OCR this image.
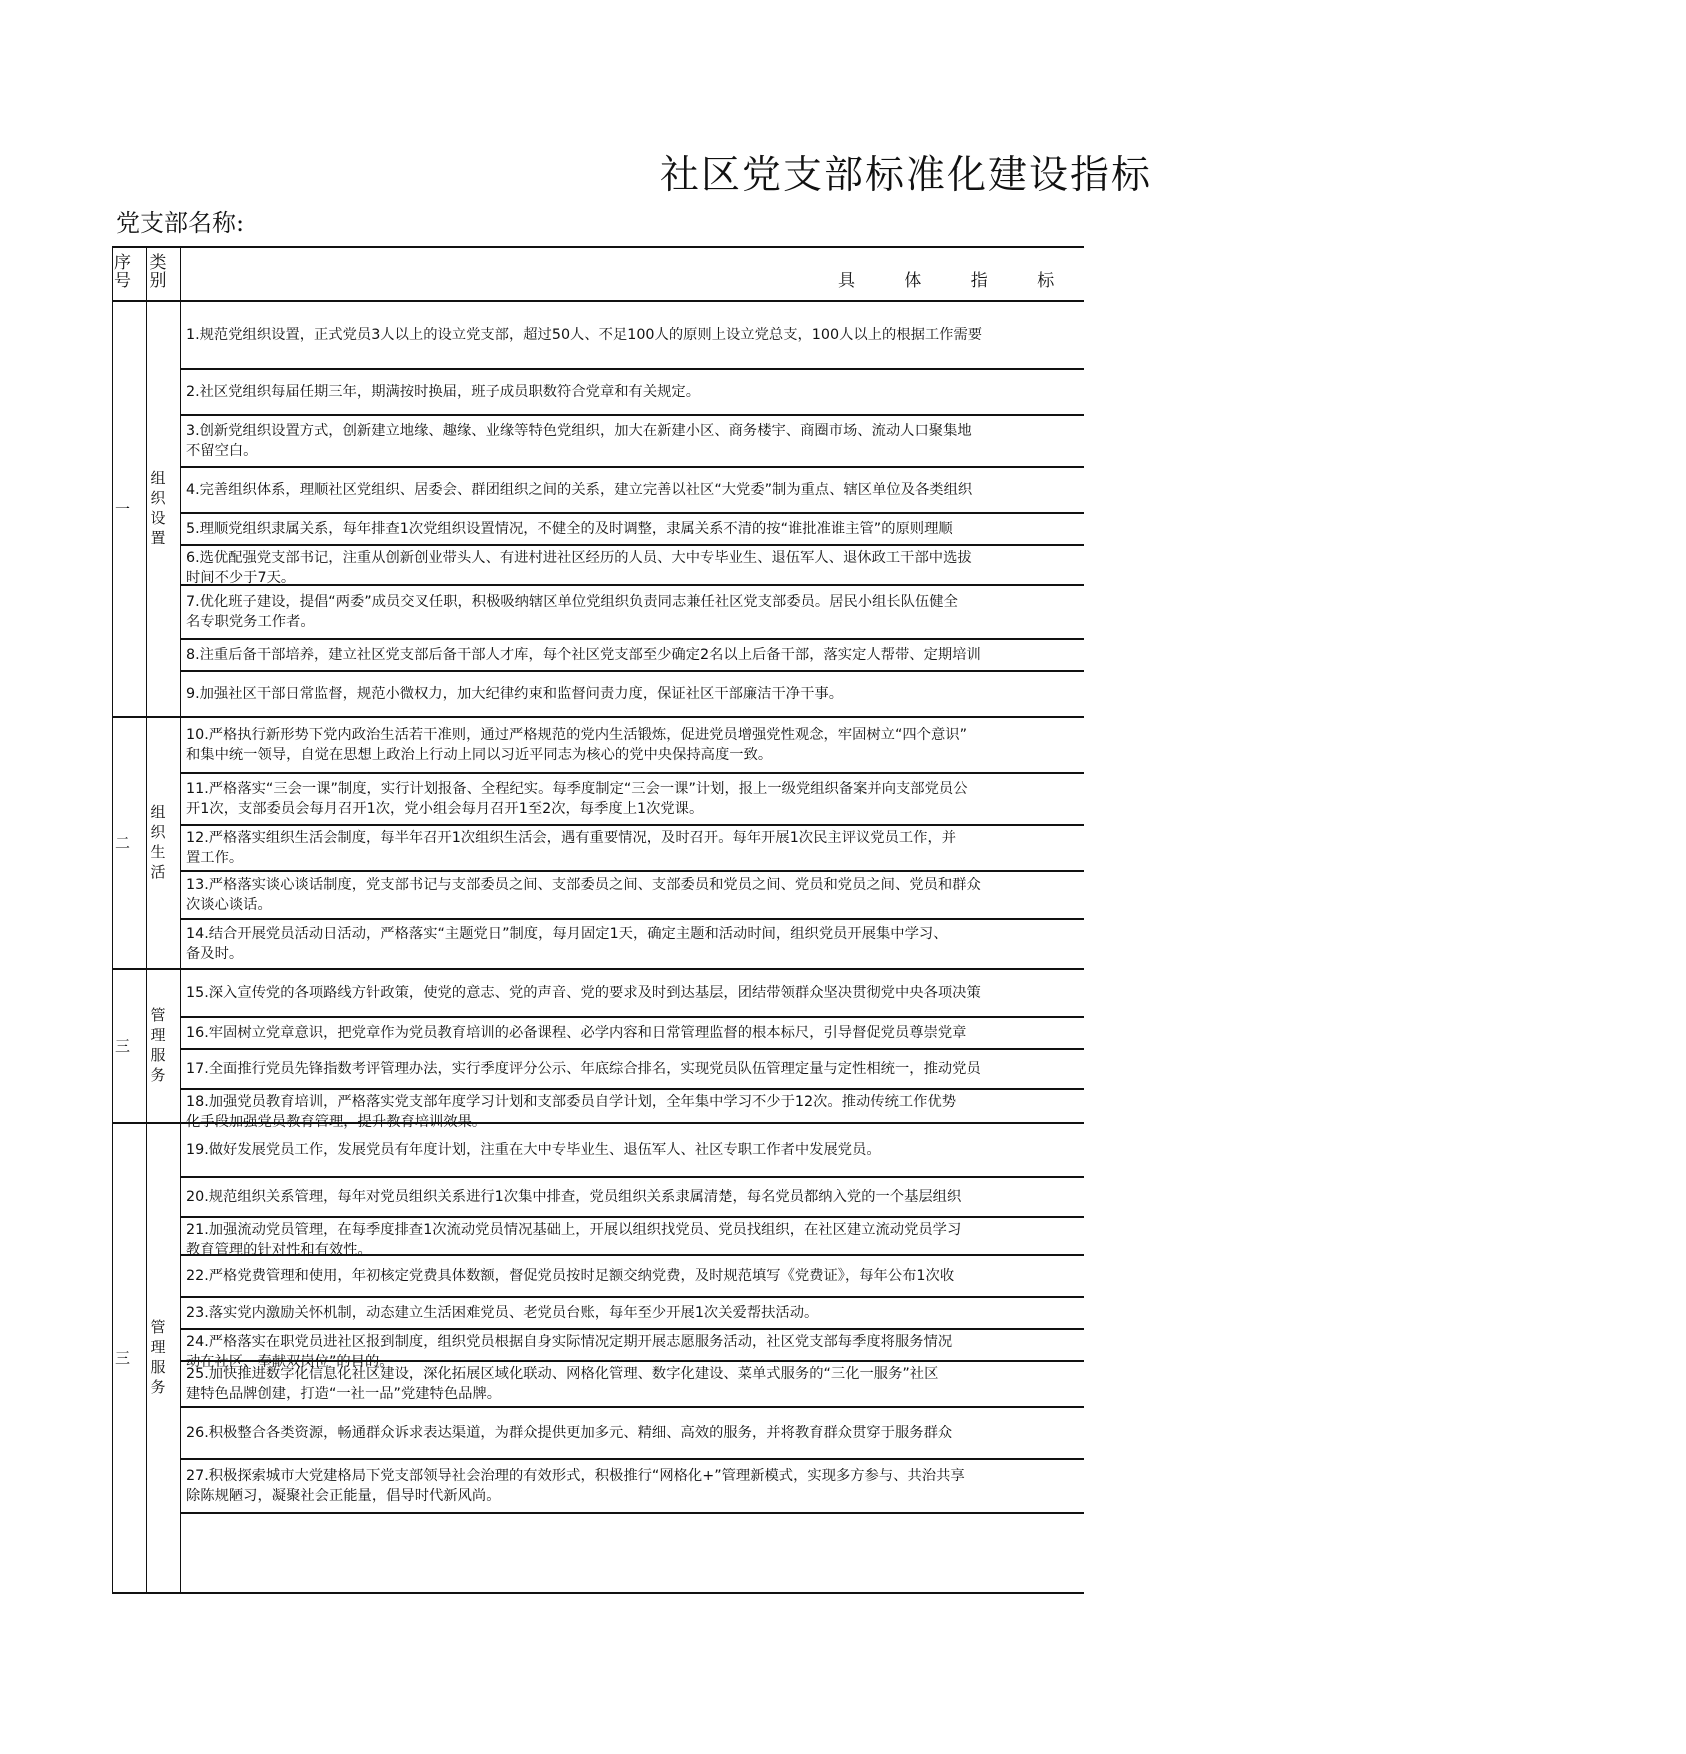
社区党支部标准化建设指标
党支部名称:
序
号
类
别	具 体 指 标
1.规范党组织设置，正式党员3人以上的设立党支部，超过50人、不足100人的原则上设立党总支，100人以上的根据工作需要
2.社区党组织每届任期三年，期满按时换届，班子成员职数符合党章和有关规定。
3.创新党组织设置方式，创新建立地缘、趣缘、业缘等特色党组织，加大在新建小区、商务楼宇、商圈市场、流动人口聚集地
不留空白。
4.完善组织体系，理顺社区党组织、居委会、群团组织之间的关系，建立完善以社区“大党委”制为重点、辖区单位及各类组织
5.理顺党组织隶属关系，每年排查1次党组织设置情况，不健全的及时调整，隶属关系不清的按“谁批准谁主管”的原则理顺
6.选优配强党支部书记，注重从创新创业带头人、有进村进社区经历的人员、大中专毕业生、退伍军人、退休政工干部中选拔
时间不少于7天。
7.优化班子建设，提倡“两委”成员交叉任职，积极吸纳辖区单位党组织负责同志兼任社区党支部委员。居民小组长队伍健全
名专职党务工作者。
8.注重后备干部培养，建立社区党支部后备干部人才库，每个社区党支部至少确定2名以上后备干部，落实定人帮带、定期培训
9.加强社区干部日常监督，规范小微权力，加大纪律约束和监督问责力度，保证社区干部廉洁干净干事。
10.严格执行新形势下党内政治生活若干准则，通过严格规范的党内生活锻炼，促进党员增强党性观念，牢固树立“四个意识”
和集中统一领导，自觉在思想上政治上行动上同以习近平同志为核心的党中央保持高度一致。
11.严格落实“三会一课”制度，实行计划报备、全程纪实。每季度制定“三会一课”计划，报上一级党组织备案并向支部党员公
开1次，支部委员会每月召开1次，党小组会每月召开1至2次，每季度上1次党课。
12.严格落实组织生活会制度，每半年召开1次组织生活会，遇有重要情况，及时召开。每年开展1次民主评议党员工作，并
置工作。
13.严格落实谈心谈话制度，党支部书记与支部委员之间、支部委员之间、支部委员和党员之间、党员和党员之间、党员和群众
次谈心谈话。
14.结合开展党员活动日活动，严格落实“主题党日”制度，每月固定1天，确定主题和活动时间，组织党员开展集中学习、
备及时。
15.深入宣传党的各项路线方针政策，使党的意志、党的声音、党的要求及时到达基层，团结带领群众坚决贯彻党中央各项决策
16.牢固树立党章意识，把党章作为党员教育培训的必备课程、必学内容和日常管理监督的根本标尺，引导督促党员尊崇党章
17.全面推行党员先锋指数考评管理办法，实行季度评分公示、年底综合排名，实现党员队伍管理定量与定性相统一，推动党员
18.加强党员教育培训，严格落实党支部年度学习计划和支部委员自学计划，全年集中学习不少于12次。推动传统工作优势
化手段加强党员教育管理，提升教育培训效果。
19.做好发展党员工作，发展党员有年度计划，注重在大中专毕业生、退伍军人、社区专职工作者中发展党员。
20.规范组织关系管理，每年对党员组织关系进行1次集中排查，党员组织关系隶属清楚，每名党员都纳入党的一个基层组织
21.加强流动党员管理，在每季度排查1次流动党员情况基础上，开展以组织找党员、党员找组织，在社区建立流动党员学习
教育管理的针对性和有效性。
22.严格党费管理和使用，年初核定党费具体数额，督促党员按时足额交纳党费，及时规范填写《党费证》，每年公布1次收
23.落实党内激励关怀机制，动态建立生活困难党员、老党员台账，每年至少开展1次关爱帮扶活动。
24.严格落实在职党员进社区报到制度，组织党员根据自身实际情况定期开展志愿服务活动，社区党支部每季度将服务情况
动在社区、奉献双岗位”的目的。
25.加快推进数字化信息化社区建设，深化拓展区域化联动、网格化管理、数字化建设、菜单式服务的“三化一服务”社区
建特色品牌创建，打造“一社一品”党建特色品牌。
26.积极整合各类资源，畅通群众诉求表达渠道，为群众提供更加多元、精细、高效的服务，并将教育群众贯穿于服务群众
27.积极探索城市大党建格局下党支部领导社会治理的有效形式，积极推行“网格化+”管理新模式，实现多方参与、共治共享
除陈规陋习，凝聚社会正能量，倡导时代新风尚。
一
组
织
设
置
二
组
织
生
活
三
管
理
服
务
三
管
理
服
务
